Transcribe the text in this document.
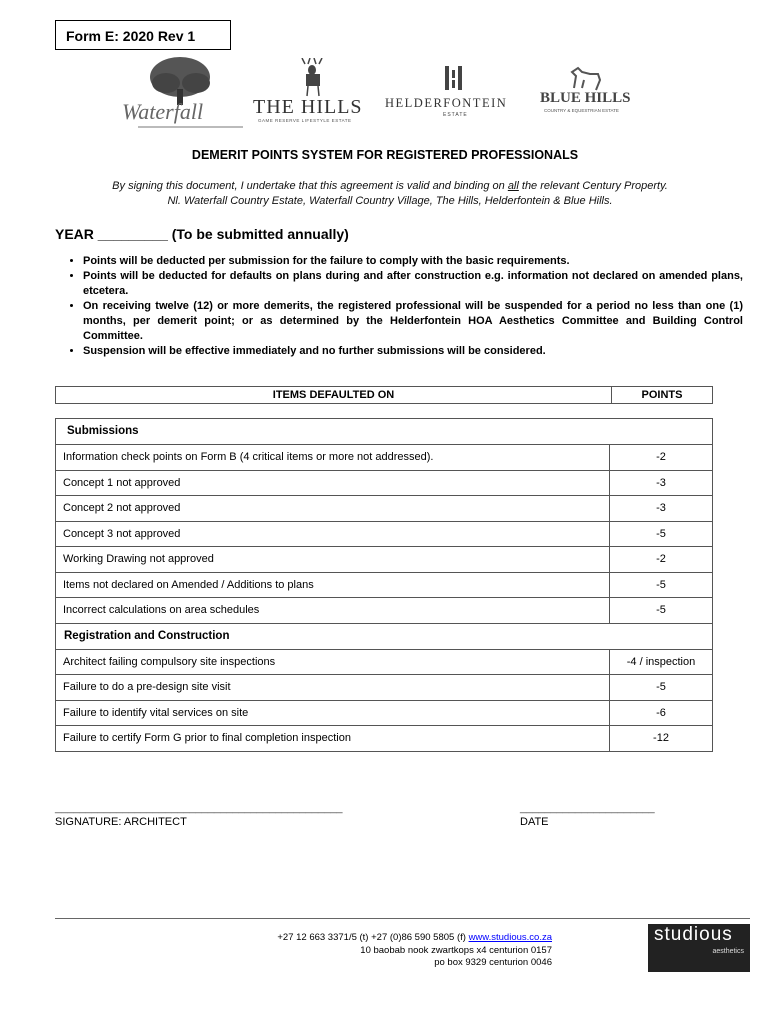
Form E: 2020 Rev 1
Waterfall THE HILLS
GAME RESERVE LIFESTYLE ESTATE
HELDERFONTEIN
ESTATE
BLUE HILLS
COUNTRY & EQUESTRIAN ESTATE
DEMERIT POINTS SYSTEM FOR REGISTERED PROFESSIONALS
By signing this document, I undertake that this agreement is valid and binding on all the relevant Century Property.
Nl. Waterfall Country Estate, Waterfall Country Village, The Hills, Helderfontein & Blue Hills.
YEAR _________ (To be submitted annually)
• Points will be deducted per submission for the failure to comply with the basic requirements.
• Points will be deducted for defaults on plans during and after construction e.g. information not declared on amended plans, etcetera.
• On receiving twelve (12) or more demerits, the registered professional will be suspended for a period no less than one (1) months, per demerit point; or as determined by the Helderfontein HOA Aesthetics Committee and Building Control Committee.
• Suspension will be effective immediately and no further submissions will be considered.
ITEMS DEFAULTED ON	POINTS
Submissions
Information check points on Form B (4 critical items or more not addressed).	-2
Concept 1 not approved	-3
Concept 2 not approved	-3
Concept 3 not approved	-5
Working Drawing not approved	-2
Items not declared on Amended / Additions to plans	-5
Incorrect calculations on area schedules	-5
Registration and Construction
Architect failing compulsory site inspections	-4 / inspection
Failure to do a pre-design site visit	-5
Failure to identify vital services on site	-6
Failure to certify Form G prior to final completion inspection	-12
_______________________________________________
SIGNATURE: ARCHITECT
______________________
DATE
+27 12 663 3371/5 (t) +27 (0)86 590 5805 (f) www.studious.co.za
10 baobab nook zwartkops x4 centurion 0157
po box 9329 centurion 0046
studious
aesthetics
